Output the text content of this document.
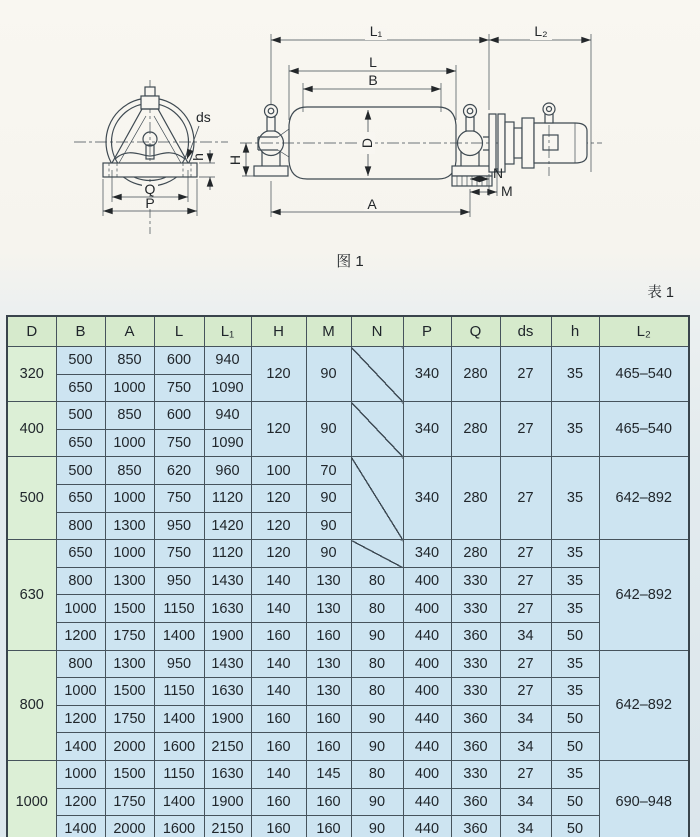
Q
P
ds
h
L₁	L₂
L
B
D
H
A
N
M
图 1
表 1
D	B	A	L	L₁	H	M	N	P	Q	ds	h	L₂
320	500	850	600	940	120	90		340	280	27	35	465–540
	650	1000	750	1090								
400	500	850	600	940	120	90		340	280	27	35	465–540
	650	1000	750	1090								
500	500	850	620	960	100	70		340	280	27	35	642–892
	650	1000	750	1120	120	90						
	800	1300	950	1420	120	90						
630	650	1000	750	1120	120	90		340	280	27	35	642–892
	800	1300	950	1430	140	130	80	400	330	27	35	
	1000	1500	1150	1630	140	130	80	400	330	27	35	
	1200	1750	1400	1900	160	160	90	440	360	34	50	
800	800	1300	950	1430	140	130	80	400	330	27	35	642–892
	1000	1500	1150	1630	140	130	80	400	330	27	35	
	1200	1750	1400	1900	160	160	90	440	360	34	50	
	1400	2000	1600	2150	160	160	90	440	360	34	50	
1000	1000	1500	1150	1630	140	145	80	400	330	27	35	690–948
	1200	1750	1400	1900	160	160	90	440	360	34	50	
	1400	2000	1600	2150	160	160	90	440	360	34	50	
